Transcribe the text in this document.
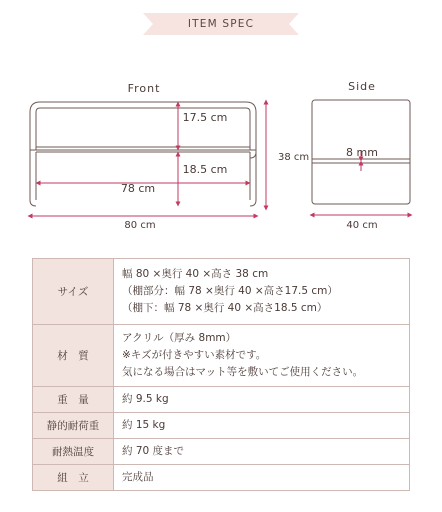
ITEM SPEC
Front
17.5 cm
18.5 cm
78 cm
80 cm
38 cm
Side
8 mm
40 cm
サイズ	幅 80 ×奥行 40 ×高さ 38 cm
（棚部分：幅 78 ×奥行 40 ×高さ17.5 cm）
（棚下：幅 78 ×奥行 40 ×高さ18.5 cm）

材　質	アクリル（厚み 8mm）
※キズが付きやすい素材です。
気になる場合はマット等を敷いてご使用ください。

重　量	約 9.5 kg
静的耐荷重	約 15 kg
耐熱温度	約 70 度まで
組　立	完成品
